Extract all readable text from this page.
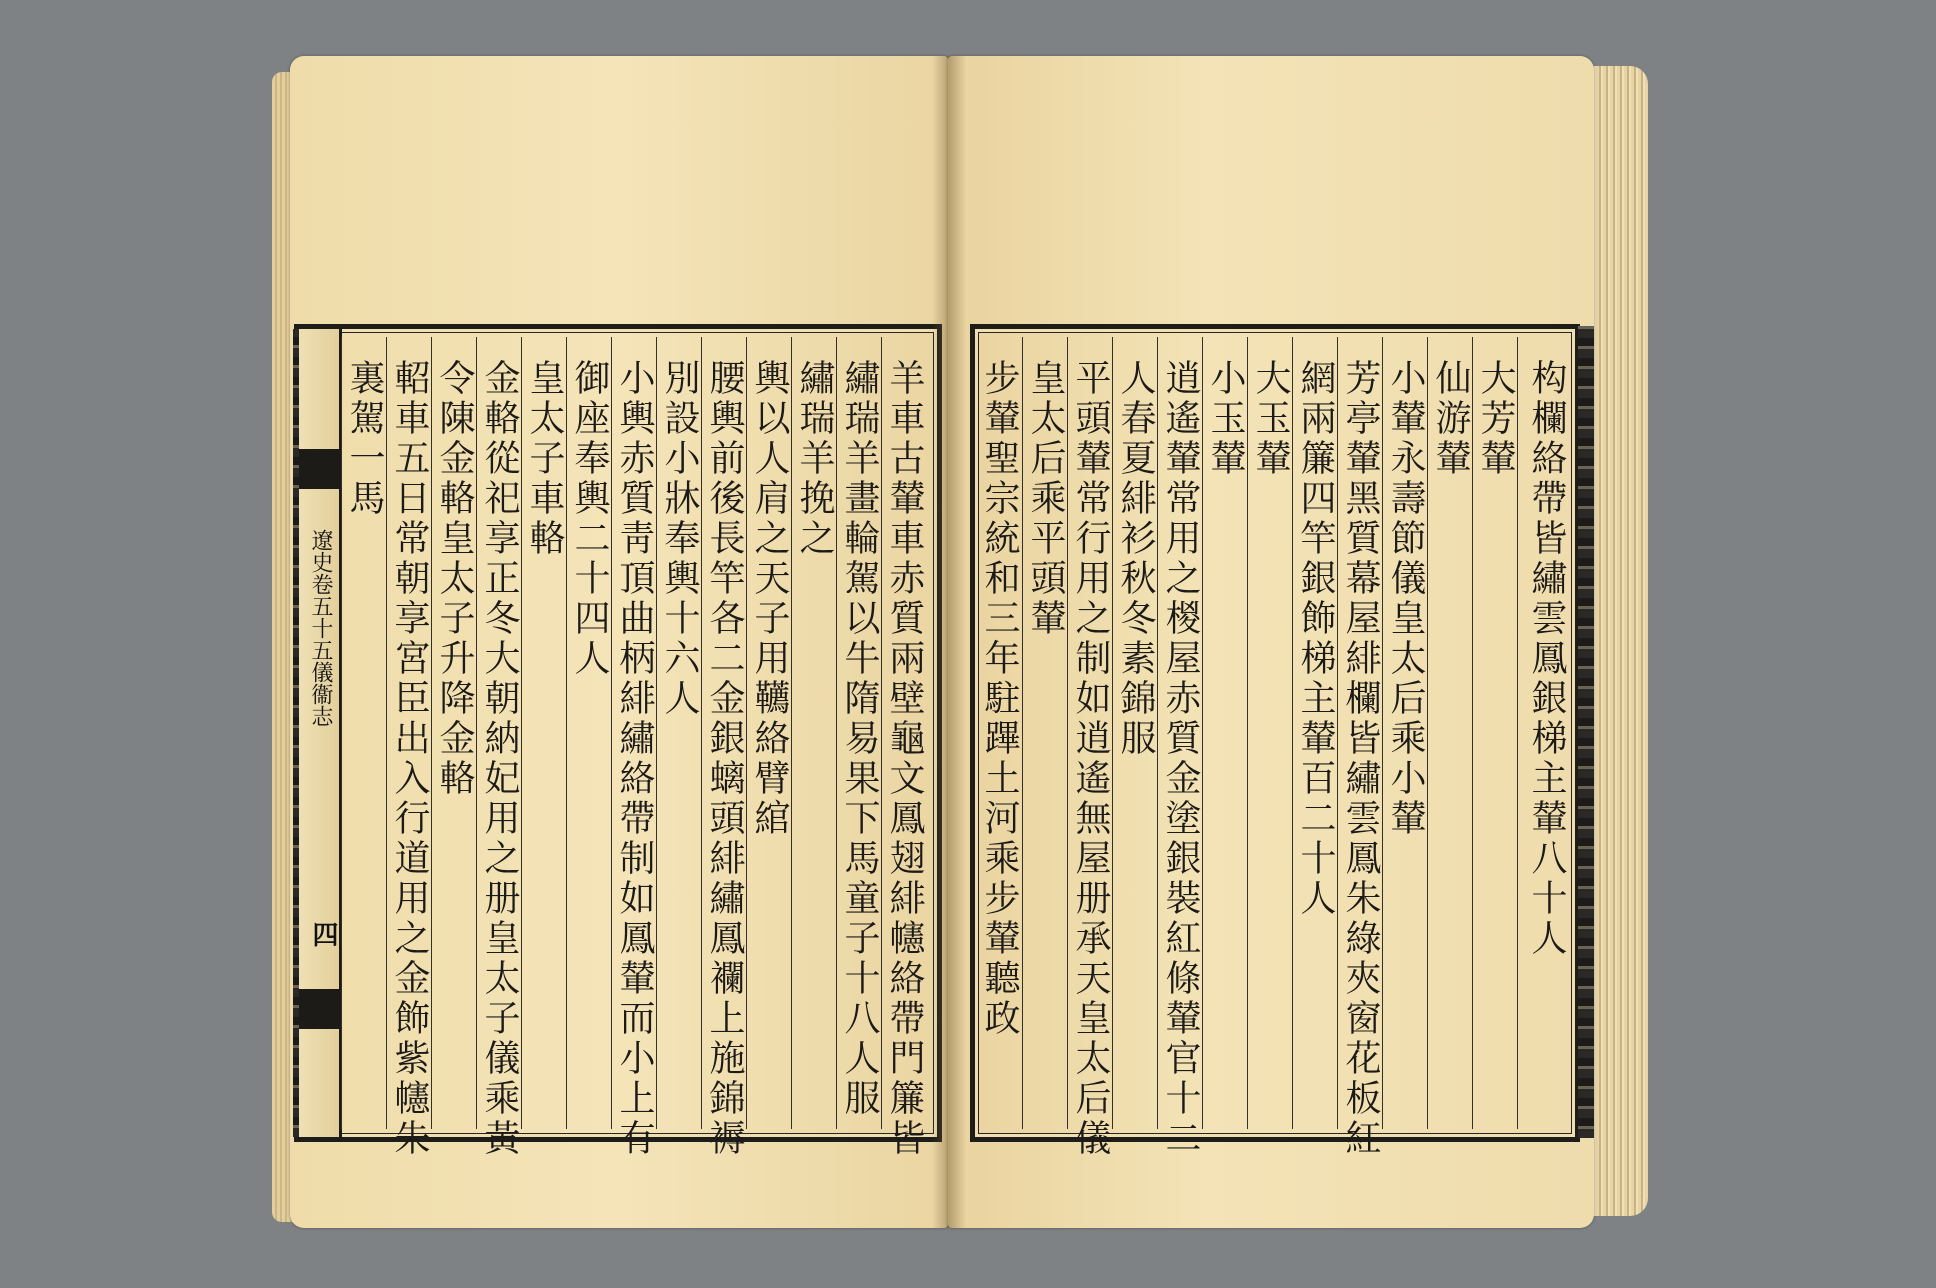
遼史卷五十五儀衞志
四
裏駕一馬 軺車五日常朝享宮臣出入行道用之金飾紫幰朱 令陳金輅皇太子升降金輅 金輅從祀享正冬大朝納妃用之册皇太子儀乘黃 皇太子車輅 御座奉輿二十四人 小輿赤質靑頂曲柄緋繡絡帶制如鳳輦而小上有 別設小牀奉輿十六人 腰輿前後長竿各二金銀螭頭緋繡鳳襴上施錦褥 輿以人肩之天子用韉絡臂綰 繡瑞羊挽之 繡瑞羊畫輪駕以牛隋易果下馬童子十八人服 羊車古輦車赤質兩壁龜文鳳翅緋幰絡帶門簾皆 步輦聖宗統和三年駐蹕土河乘步輦聽政 皇太后乘平頭輦 平頭輦常行用之制如逍遙無屋册承天皇太后儀 人春夏緋衫秋冬素錦服 逍遙輦常用之椶屋赤質金塗銀裝紅條輦官十二 小玉輦 大玉輦 網兩簾四竿銀飾梯主輦百二十人 芳亭輦黑質幕屋緋欄皆繡雲鳳朱綠夾窗花板紅 小輦永壽節儀皇太后乘小輦 仙游輦 大芳輦 构欄絡帶皆繡雲鳳銀梯主輦八十人
